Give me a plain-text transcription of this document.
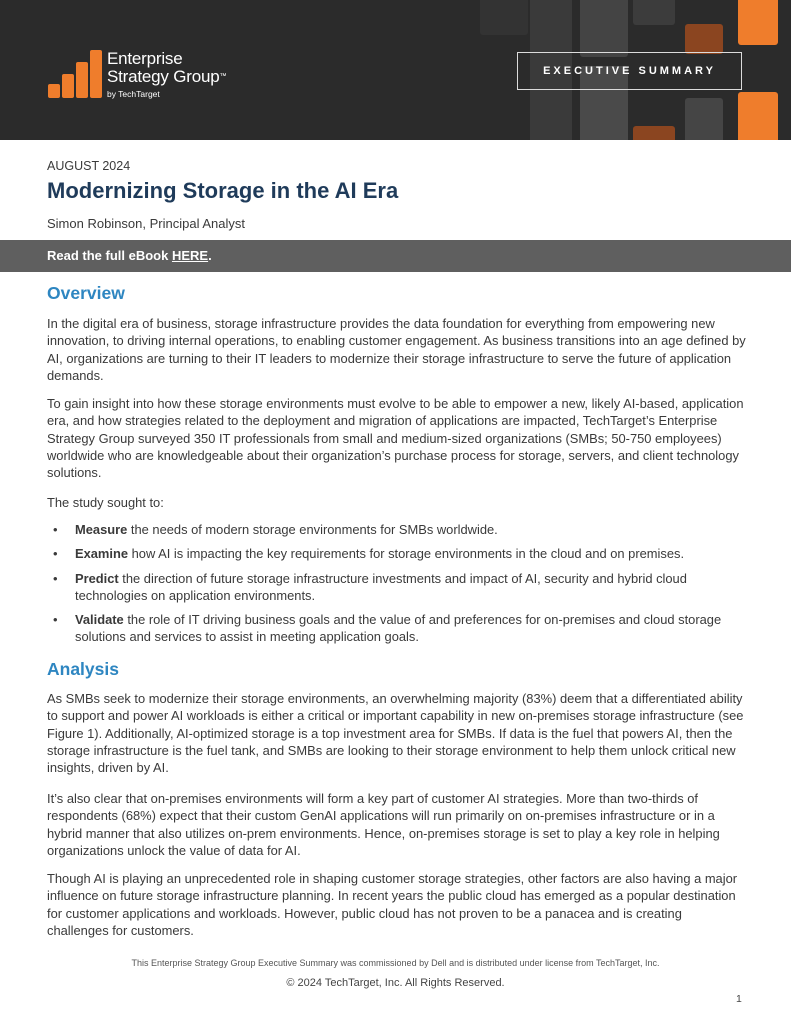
Enterprise
Strategy Group™
by TechTarget
EXECUTIVE SUMMARY
AUGUST 2024
Modernizing Storage in the AI Era
Simon Robinson, Principal Analyst
Read the full eBook HERE.
Overview
In the digital era of business, storage infrastructure provides the data foundation for everything from empowering new innovation, to driving internal operations, to enabling customer engagement. As business transitions into an age defined by AI, organizations are turning to their IT leaders to modernize their storage infrastructure to serve the future of application demands.
To gain insight into how these storage environments must evolve to be able to empower a new, likely AI-based, application era, and how strategies related to the deployment and migration of applications are impacted, TechTarget’s Enterprise Strategy Group surveyed 350 IT professionals from small and medium-sized organizations (SMBs; 50-750 employees) worldwide who are knowledgeable about their organization’s purchase process for storage, servers, and client technology solutions.
The study sought to:
• Measure the needs of modern storage environments for SMBs worldwide.
• Examine how AI is impacting the key requirements for storage environments in the cloud and on premises.
• Predict the direction of future storage infrastructure investments and impact of AI, security and hybrid cloud technologies on application environments.
• Validate the role of IT driving business goals and the value of and preferences for on-premises and cloud storage solutions and services to assist in meeting application goals.
Analysis
As SMBs seek to modernize their storage environments, an overwhelming majority (83%) deem that a differentiated ability to support and power AI workloads is either a critical or important capability in new on-premises storage infrastructure (see Figure 1). Additionally, AI-optimized storage is a top investment area for SMBs. If data is the fuel that powers AI, then the storage infrastructure is the fuel tank, and SMBs are looking to their storage environment to help them unlock critical new insights, driven by AI.
It’s also clear that on-premises environments will form a key part of customer AI strategies. More than two-thirds of respondents (68%) expect that their custom GenAI applications will run primarily on on-premises infrastructure or in a hybrid manner that also utilizes on-prem environments. Hence, on-premises storage is set to play a key role in helping organizations unlock the value of data for AI.
Though AI is playing an unprecedented role in shaping customer storage strategies, other factors are also having a major influence on future storage infrastructure planning. In recent years the public cloud has emerged as a popular destination for customer applications and workloads. However, public cloud has not proven to be a panacea and is creating challenges for customers.
This Enterprise Strategy Group Executive Summary was commissioned by Dell and is distributed under license from TechTarget, Inc.
© 2024 TechTarget, Inc. All Rights Reserved.
1
